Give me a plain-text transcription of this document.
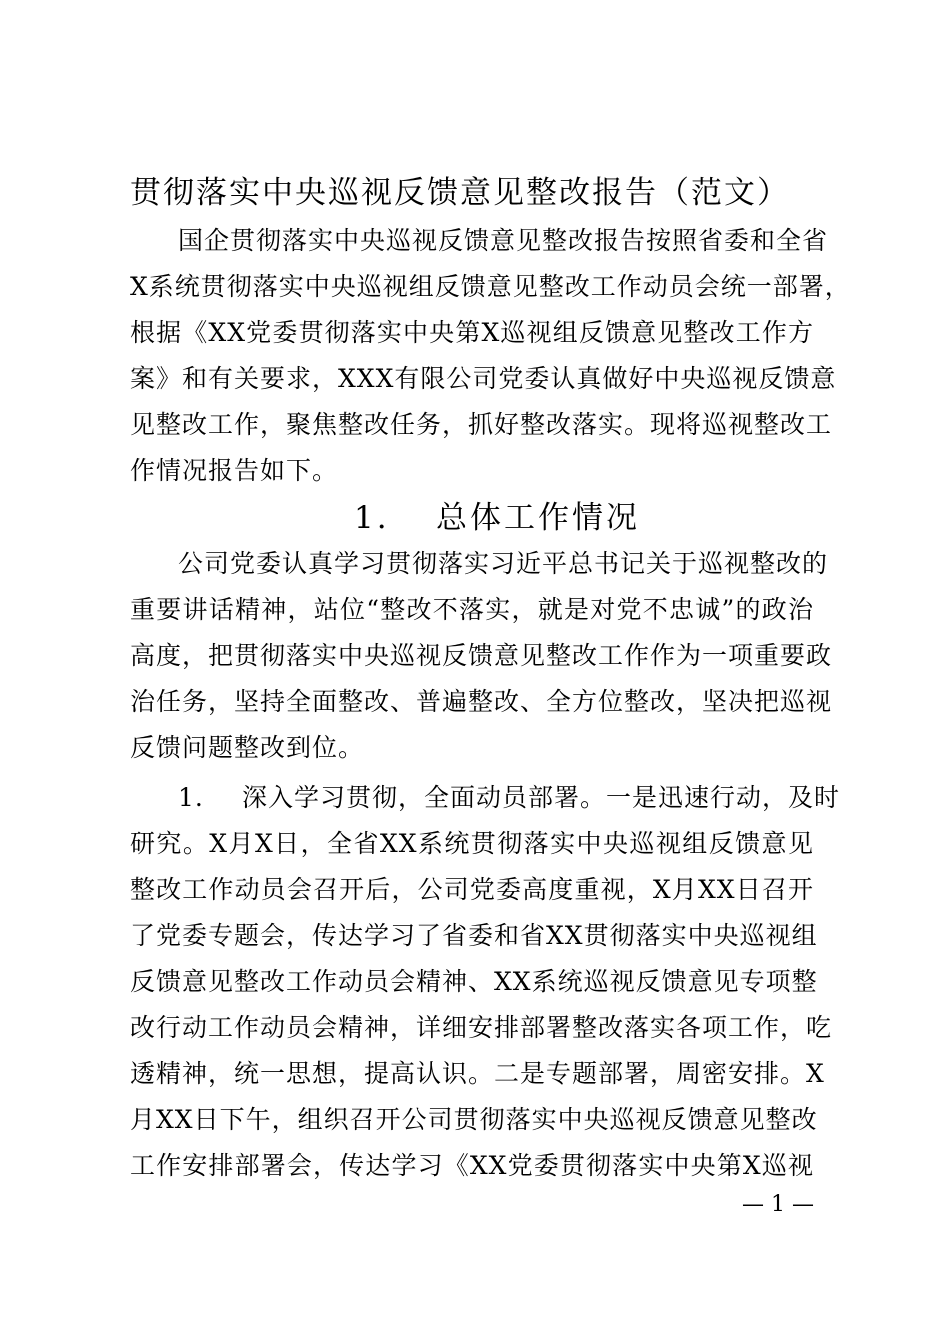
贯彻落实中央巡视反馈意见整改报告（范文）
国企贯彻落实中央巡视反馈意见整改报告按照省委和全省
X系统贯彻落实中央巡视组反馈意见整改工作动员会统一部署，
根据《XX党委贯彻落实中央第X巡视组反馈意见整改工作方
案》和有关要求，XXX有限公司党委认真做好中央巡视反馈意
见整改工作，聚焦整改任务，抓好整改落实。现将巡视整改工
作情况报告如下。
1. 总体工作情况
公司党委认真学习贯彻落实习近平总书记关于巡视整改的
重要讲话精神，站位“整改不落实，就是对党不忠诚”的政治
高度，把贯彻落实中央巡视反馈意见整改工作作为一项重要政
治任务，坚持全面整改、普遍整改、全方位整改，坚决把巡视
反馈问题整改到位。
1. 深入学习贯彻，全面动员部署。一是迅速行动，及时
研究。X月X日，全省XX系统贯彻落实中央巡视组反馈意见
整改工作动员会召开后，公司党委高度重视，X月XX日召开
了党委专题会，传达学习了省委和省XX贯彻落实中央巡视组
反馈意见整改工作动员会精神、XX系统巡视反馈意见专项整
改行动工作动员会精神，详细安排部署整改落实各项工作，吃
透精神，统一思想，提高认识。二是专题部署，周密安排。X
月XX日下午，组织召开公司贯彻落实中央巡视反馈意见整改
工作安排部署会，传达学习《XX党委贯彻落实中央第X巡视
— 1 —
